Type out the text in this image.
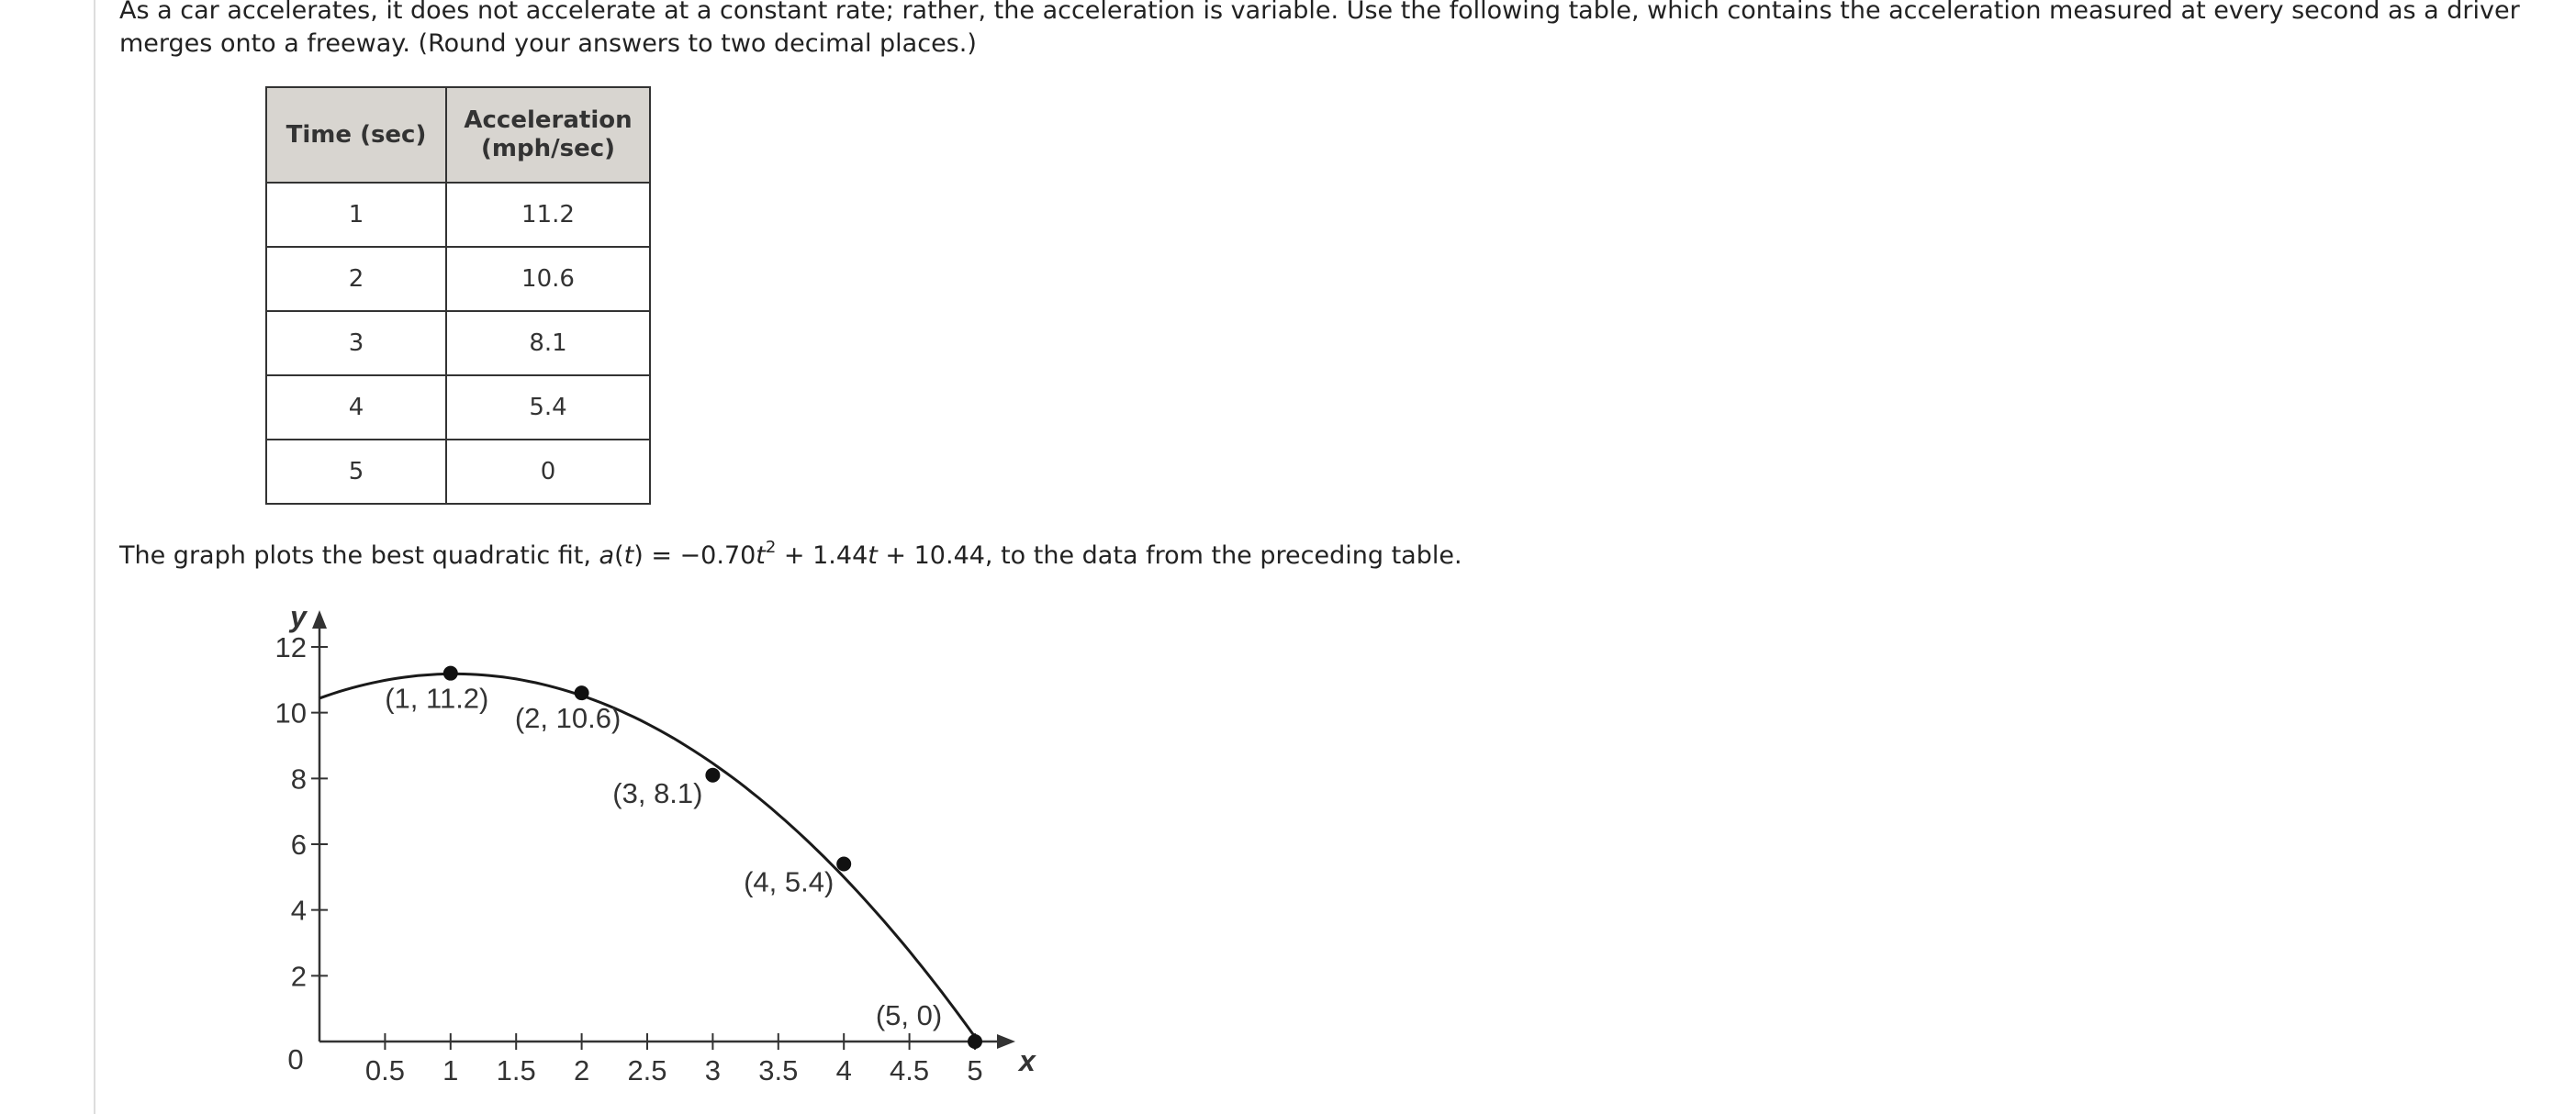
As a car accelerates, it does not accelerate at a constant rate; rather, the acceleration is variable. Use the following table, which contains the acceleration measured at every second as a driver merges onto a freeway. (Round your answers to two decimal places.)

Time (sec)	Acceleration (mph/sec)
1	11.2
2	10.6
3	8.1
4	5.4
5	0

The graph plots the best quadratic fit, $a(t) = -0.70t^2 + 1.44t + 10.44$, to the data from the preceding table.

x
y
0 0.5 1 1.5 2 2.5 3 3.5 4 4.5 5
2
4
6
8
10
12
(1, 11.2)
(2, 10.6)
(3, 8.1)
(4, 5.4)
(5, 0)
